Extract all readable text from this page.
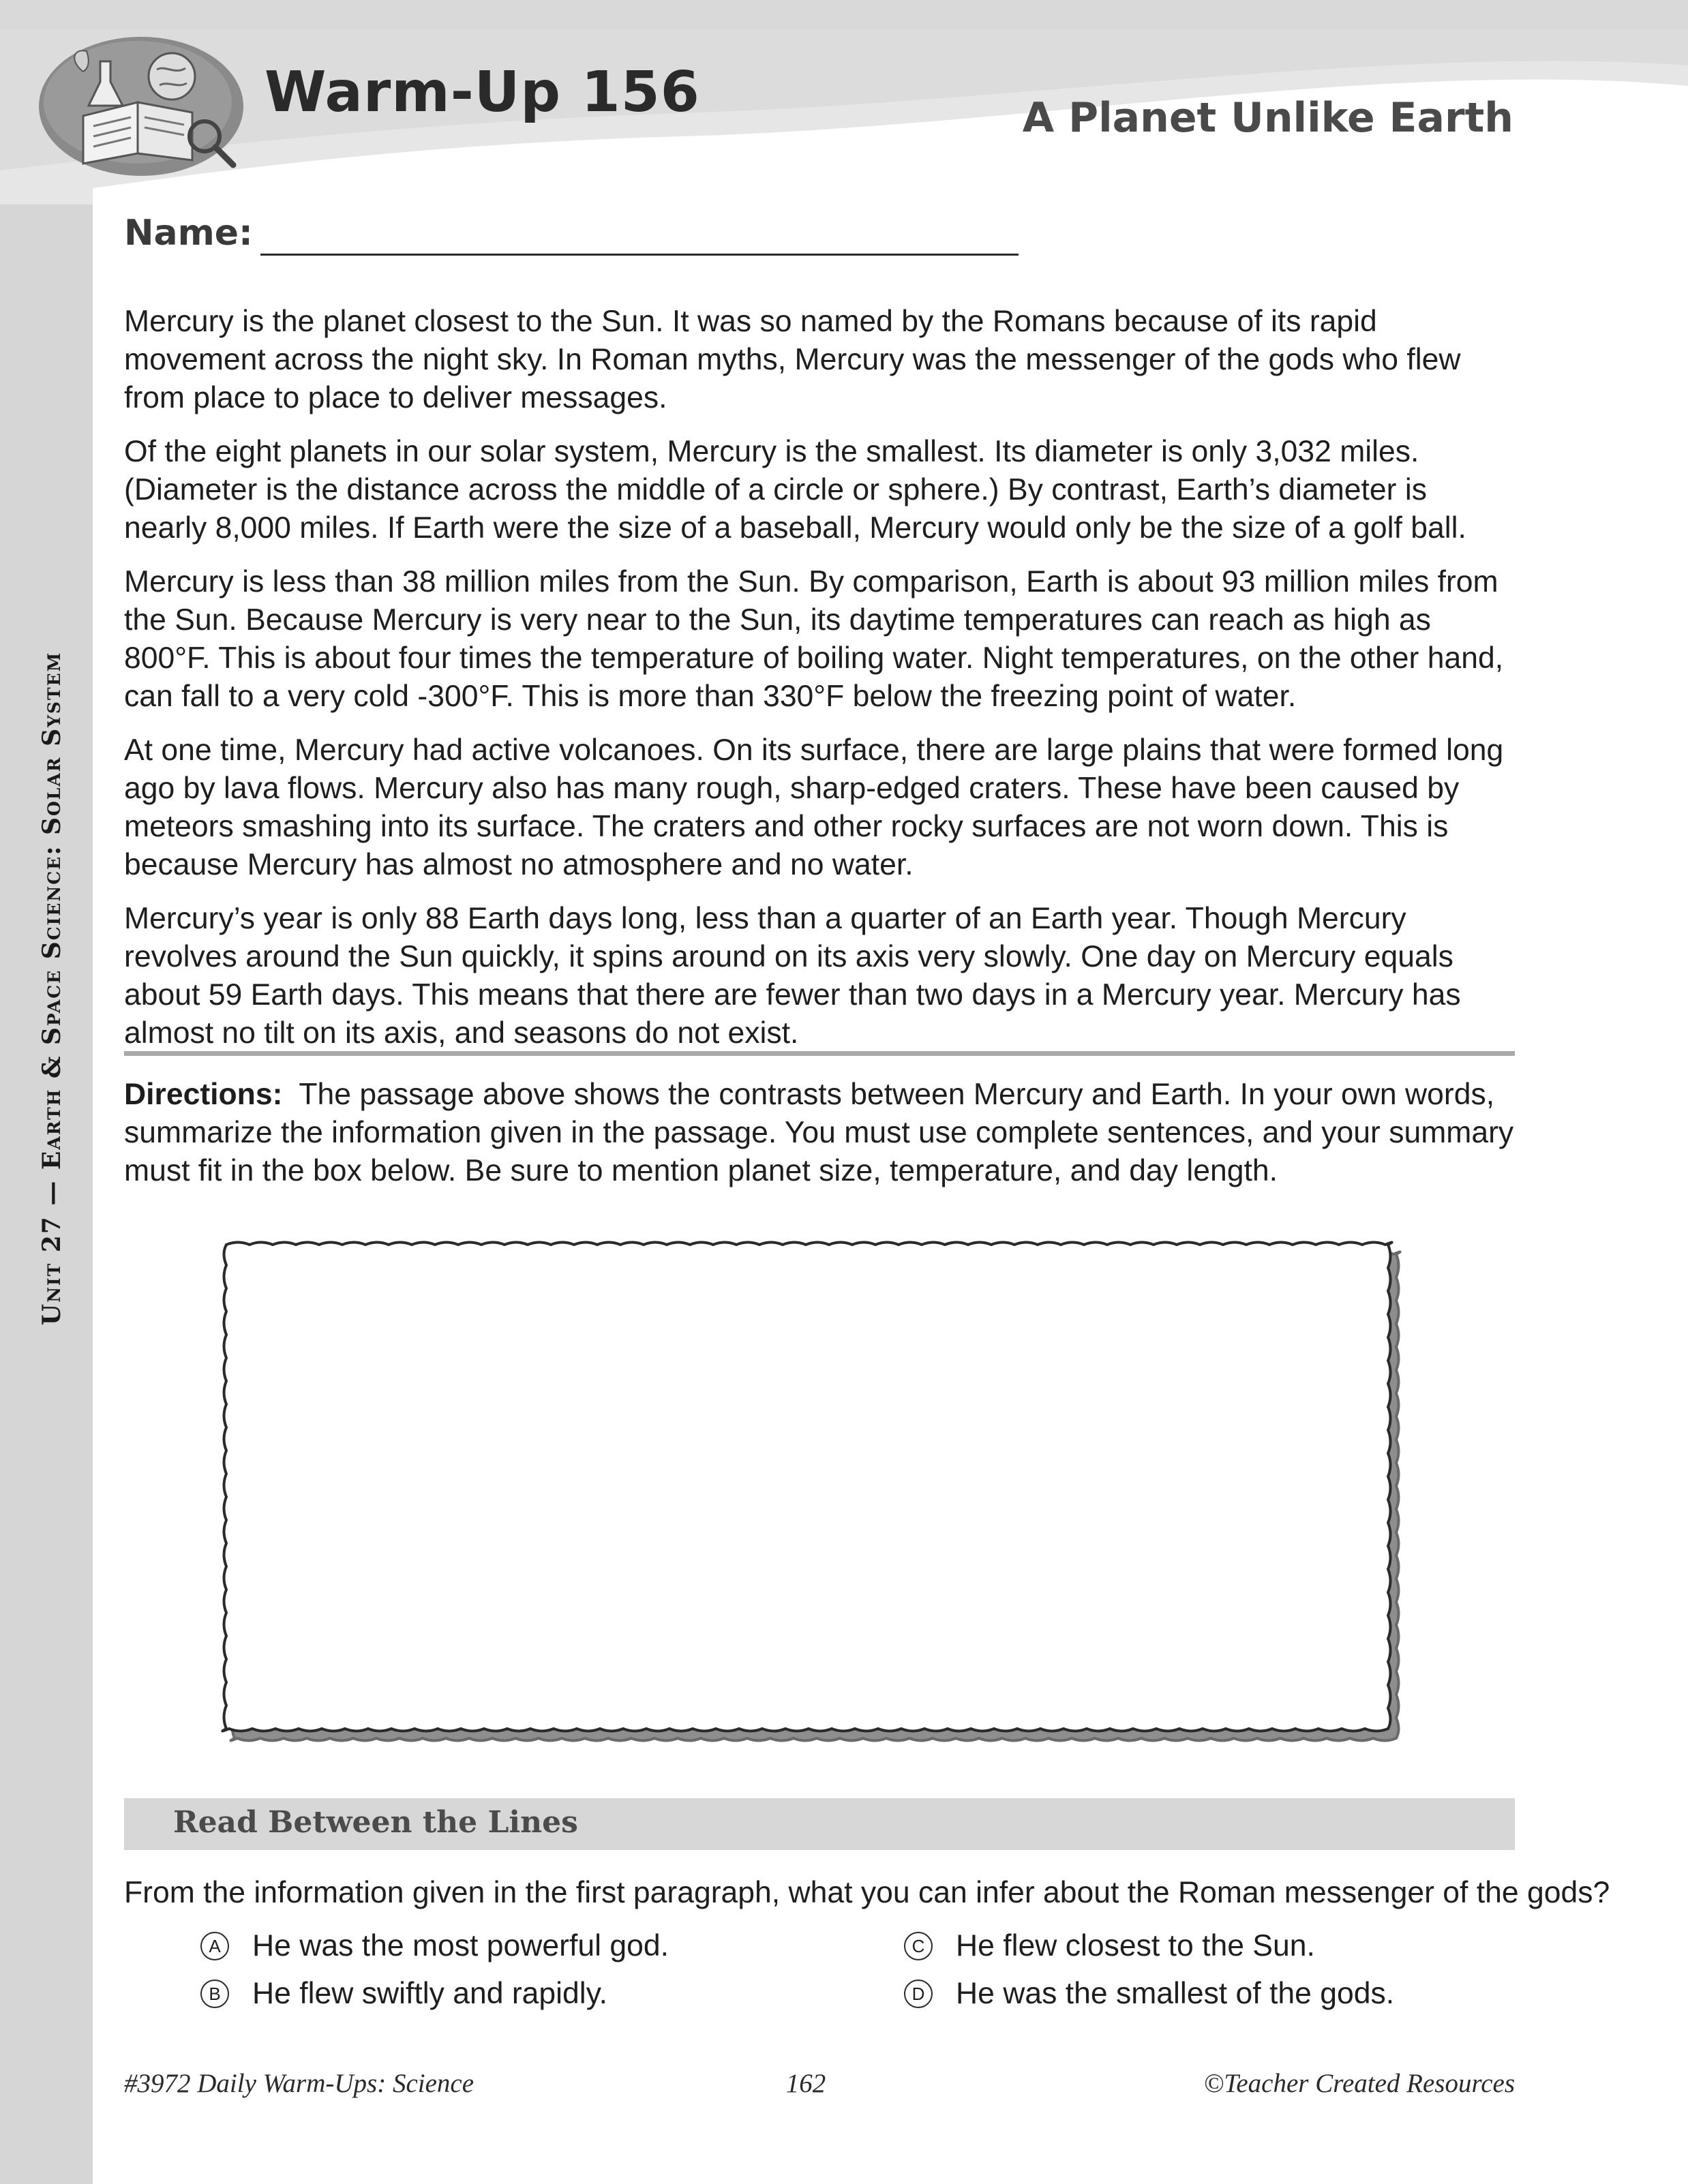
Warm-Up 156	A Planet Unlike Earth
Unit 27 — Earth & Space Science: Solar System
Name:

Mercury is the planet closest to the Sun. It was so named by the Romans because of its rapid movement across the night sky. In Roman myths, Mercury was the messenger of the gods who flew from place to place to deliver messages.

Of the eight planets in our solar system, Mercury is the smallest. Its diameter is only 3,032 miles. (Diameter is the distance across the middle of a circle or sphere.) By contrast, Earth’s diameter is nearly 8,000 miles. If Earth were the size of a baseball, Mercury would only be the size of a golf ball.

Mercury is less than 38 million miles from the Sun. By comparison, Earth is about 93 million miles from the Sun. Because Mercury is very near to the Sun, its daytime temperatures can reach as high as 800°F. This is about four times the temperature of boiling water. Night temperatures, on the other hand, can fall to a very cold -300°F. This is more than 330°F below the freezing point of water.

At one time, Mercury had active volcanoes. On its surface, there are large plains that were formed long ago by lava flows. Mercury also has many rough, sharp-edged craters. These have been caused by meteors smashing into its surface. The craters and other rocky surfaces are not worn down. This is because Mercury has almost no atmosphere and no water.

Mercury’s year is only 88 Earth days long, less than a quarter of an Earth year. Though Mercury revolves around the Sun quickly, it spins around on its axis very slowly. One day on Mercury equals about 59 Earth days. This means that there are fewer than two days in a Mercury year. Mercury has almost no tilt on its axis, and seasons do not exist.

Directions: The passage above shows the contrasts between Mercury and Earth. In your own words, summarize the information given in the passage. You must use complete sentences, and your summary must fit in the box below. Be sure to mention planet size, temperature, and day length.
Read Between the Lines
From the information given in the first paragraph, what you can infer about the Roman messenger of the gods?
A He was the most powerful god.
B He flew swiftly and rapidly.
C He flew closest to the Sun.
D He was the smallest of the gods.
#3972 Daily Warm-Ups: Science	162	©Teacher Created Resources
